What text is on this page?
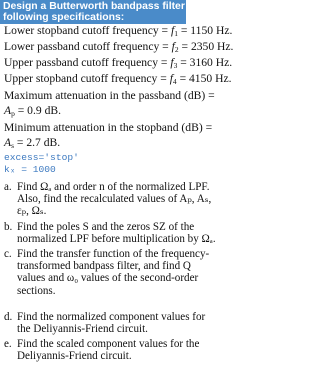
Design a Butterworth bandpass filter with the
following specifications:
Lower stopband cutoff frequency = $f_1 = 1150$ Hz.
Lower passband cutoff frequency = $f_2 = 2350$ Hz.
Upper passband cutoff frequency = $f_3 = 3160$ Hz.
Upper stopband cutoff frequency = $f_4 = 4150$ Hz.
Maximum attenuation in the passband (dB) =
$A_p = 0.9$ dB.
Minimum attenuation in the stopband (dB) =
$A_s = 2.7$ dB.
excess='stop'
kₓ = 1000
a. Find Ωₐ and order n of the normalized LPF.
Also, find the recalculated values of Aₚ, Aₛ,
εₚ, Ωₛ.
b. Find the poles S and the zeros SZ of the
normalized LPF before multiplication by Ωₐ.
c. Find the transfer function of the frequency-
transformed bandpass filter, and find Q
values and ω₀ values of the second-order
sections.
d. Find the normalized component values for
the Deliyannis-Friend circuit.
e. Find the scaled component values for the
Deliyannis-Friend circuit.
